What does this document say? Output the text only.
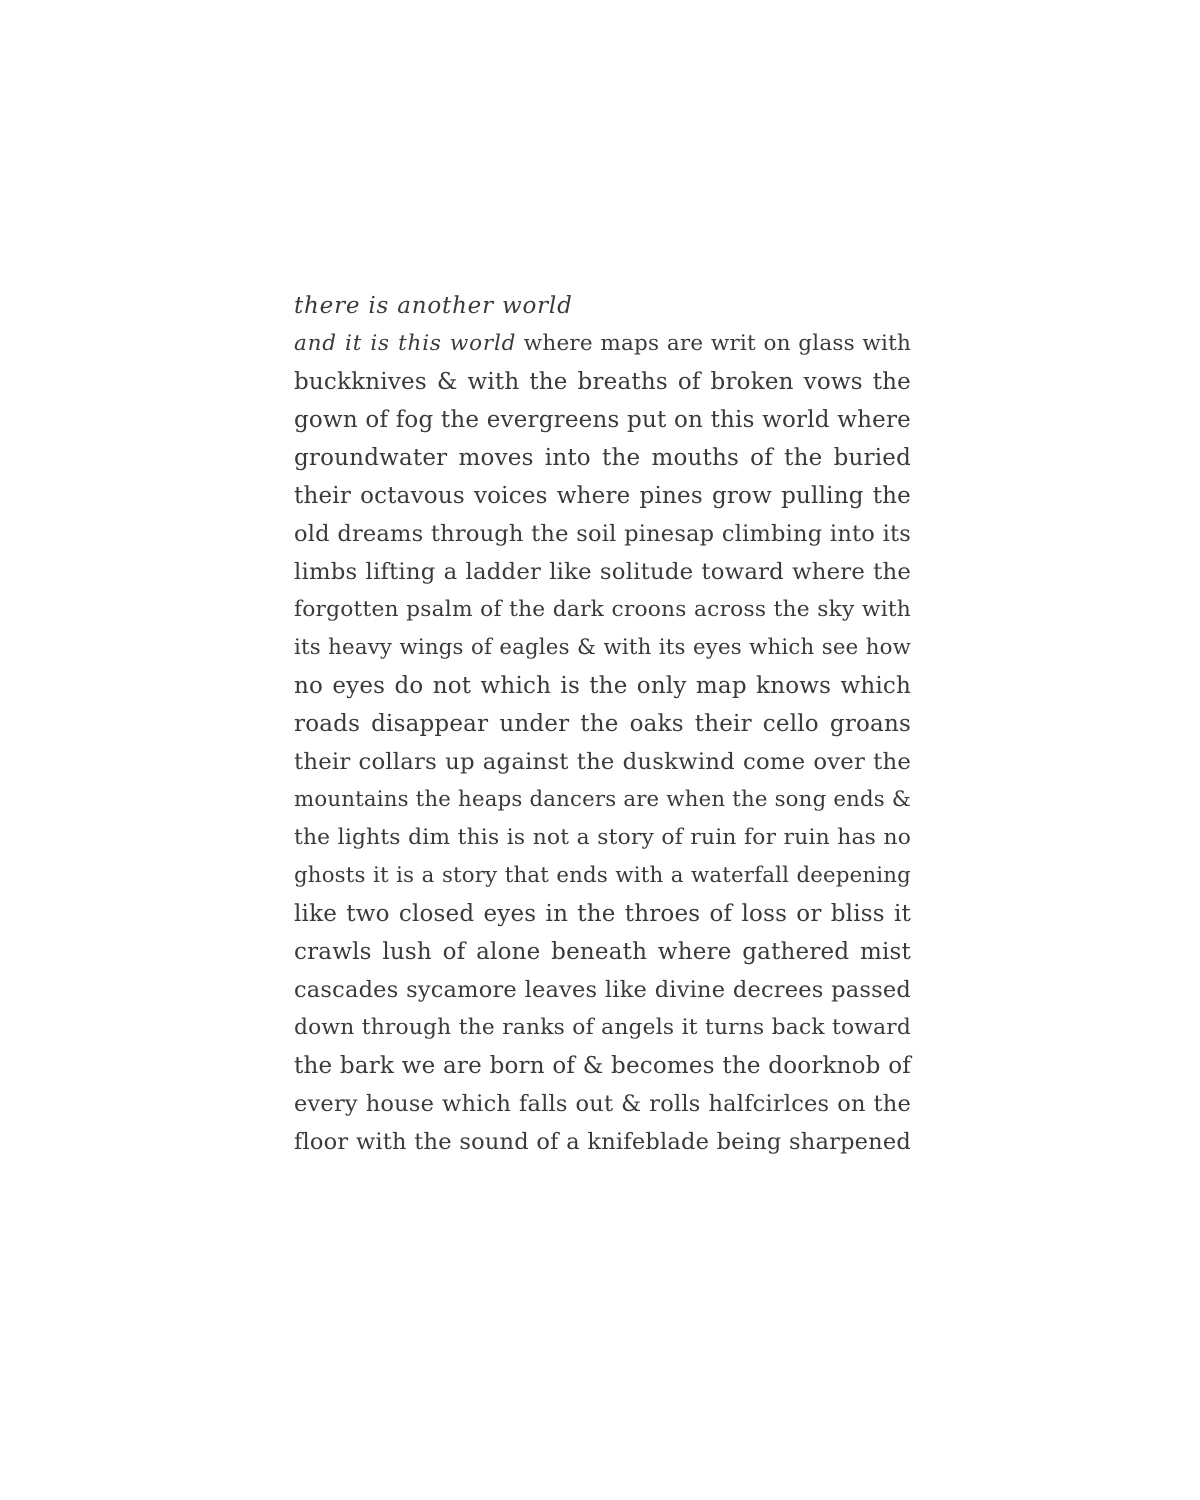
there is another world
and it is this world where maps are writ on glass with
buckknives & with the breaths of broken vows the
gown of fog the evergreens put on this world where
groundwater moves into the mouths of the buried
their octavous voices where pines grow pulling the
old dreams through the soil pinesap climbing into its
limbs lifting a ladder like solitude toward where the
forgotten psalm of the dark croons across the sky with
its heavy wings of eagles & with its eyes which see how
no eyes do not which is the only map knows which
roads disappear under the oaks their cello groans
their collars up against the duskwind come over the
mountains the heaps dancers are when the song ends &
the lights dim this is not a story of ruin for ruin has no
ghosts it is a story that ends with a waterfall deepening
like two closed eyes in the throes of loss or bliss it
crawls lush of alone beneath where gathered mist
cascades sycamore leaves like divine decrees passed
down through the ranks of angels it turns back toward
the bark we are born of & becomes the doorknob of
every house which falls out & rolls halfcirlces on the
floor with the sound of a knifeblade being sharpened
